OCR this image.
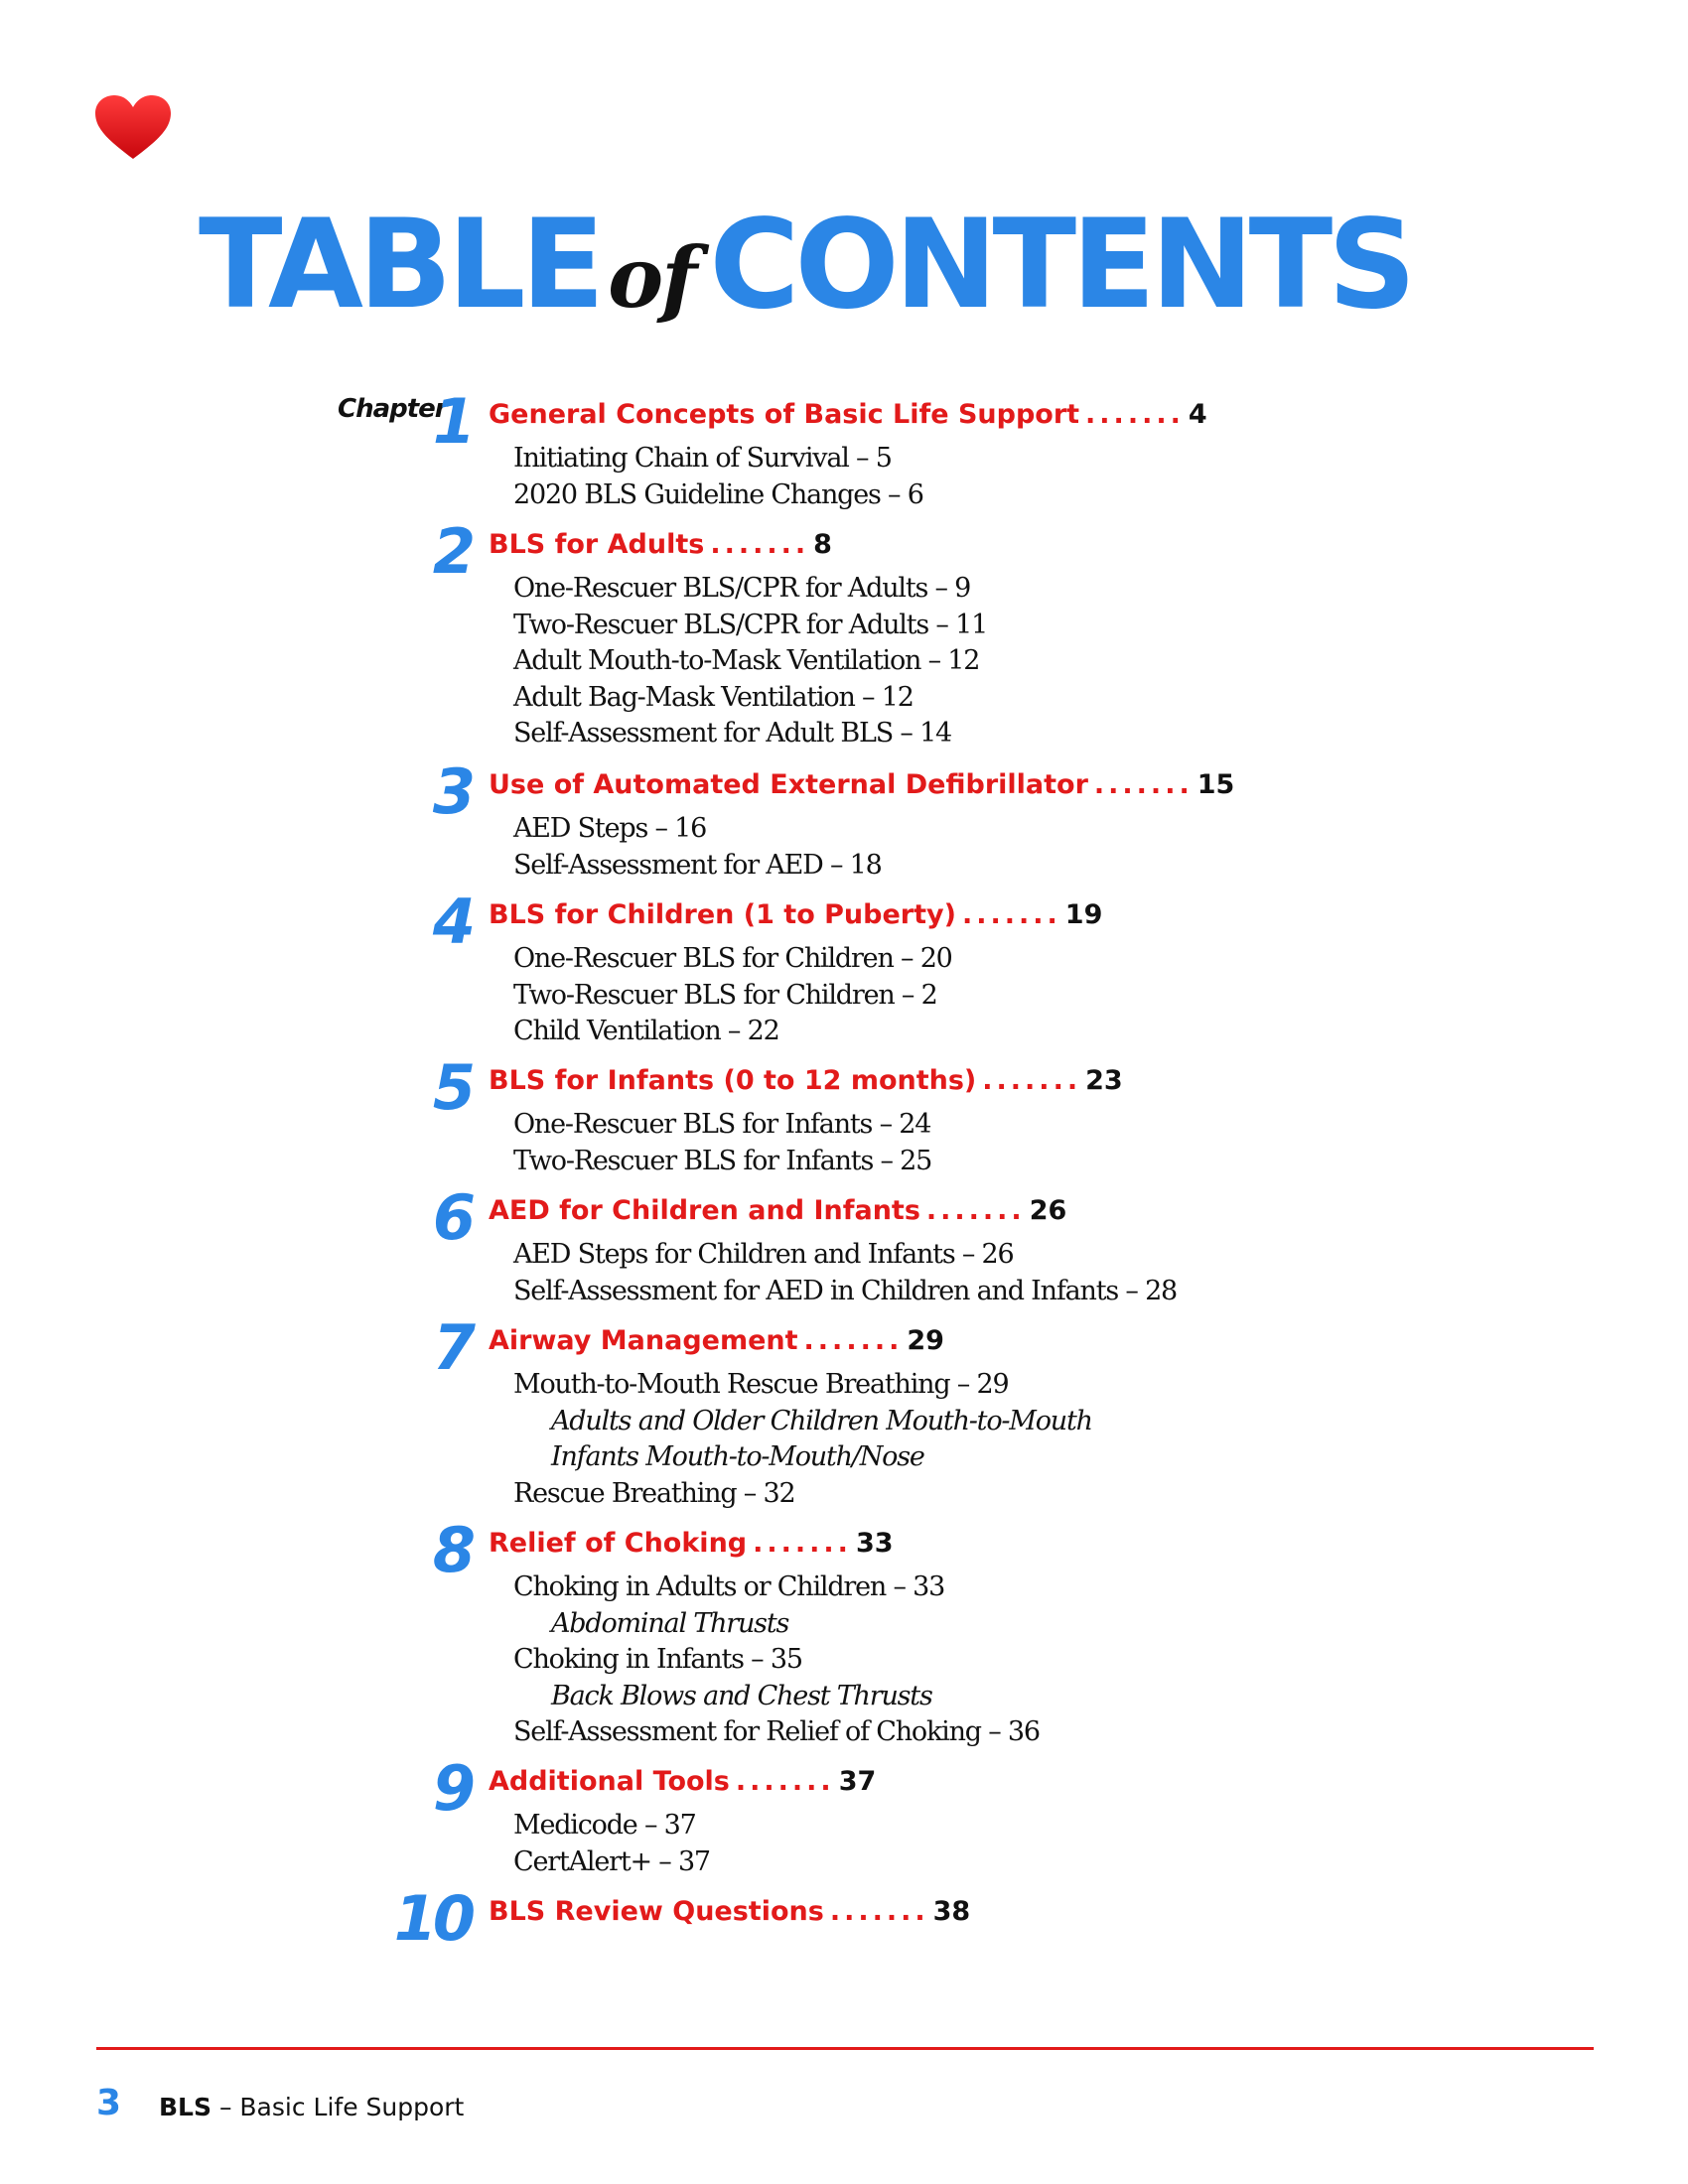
TABLEof CONTENTS
Chapter
1 General Concepts of Basic Life Support ....... 4
Initiating Chain of Survival – 5
2020 BLS Guideline Changes – 6
2 BLS for Adults ....... 8
One-Rescuer BLS/CPR for Adults – 9
Two-Rescuer BLS/CPR for Adults – 11
Adult Mouth-to-Mask Ventilation – 12
Adult Bag-Mask Ventilation – 12
Self-Assessment for Adult BLS – 14
3 Use of Automated External Defibrillator ....... 15
AED Steps – 16
Self-Assessment for AED – 18
4 BLS for Children (1 to Puberty) ....... 19
One-Rescuer BLS for Children – 20
Two-Rescuer BLS for Children – 2
Child Ventilation – 22
5 BLS for Infants (0 to 12 months) ....... 23
One-Rescuer BLS for Infants – 24
Two-Rescuer BLS for Infants – 25
6 AED for Children and Infants ....... 26
AED Steps for Children and Infants – 26
Self-Assessment for AED in Children and Infants – 28
7 Airway Management ....... 29
Mouth-to-Mouth Rescue Breathing – 29
Adults and Older Children Mouth-to-Mouth
Infants Mouth-to-Mouth/Nose
Rescue Breathing – 32
8 Relief of Choking ....... 33
Choking in Adults or Children – 33
Abdominal Thrusts
Choking in Infants – 35
Back Blows and Chest Thrusts
Self-Assessment for Relief of Choking – 36
9 Additional Tools ....... 37
Medicode – 37
CertAlert+ – 37
10 BLS Review Questions ....... 38
3 BLS – Basic Life Support
